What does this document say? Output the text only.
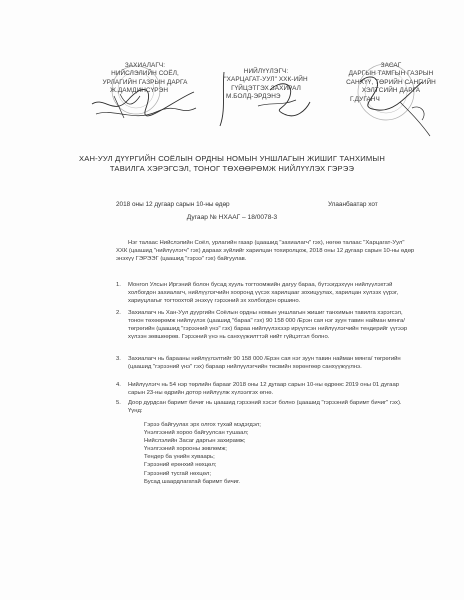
ЗАХИАЛАГЧ:
НИЙСЛЭЛИЙН СОЁЛ,
УРЛАГИЙН ГАЗРЫН ДАРГА
Ж.ДАМДИНСҮРЭН
НИЙЛҮҮЛЭГЧ:
"ХАРЦАГАТ-УУЛ" ХХК-ИЙН
ГҮЙЦЭТГЭХ ЗАХИРАЛ
М.БОЛД-ЭРДЭНЭ
ЗАСАГ
ДАРГЫН ТАМГЫН ГАЗРЫН
САНХҮҮ, ТӨРИЙН САНГИЙН
ХЭЛТСИЙН ДАРГА
Г.ДУГАНЧ
ХАН-УУЛ ДҮҮРГИЙН СОЁЛЫН ОРДНЫ НОМЫН УНШЛАГЫН ЖИШИГ ТАНХИМЫН
ТАВИЛГА ХЭРЭГСЭЛ, ТОНОГ ТӨХӨӨРӨМЖ НИЙЛҮҮЛЭХ ГЭРЭЭ
2018 оны 12 дугаар сарын 10-ны өдөр	Улаанбаатар хот
Дугаар № НХААГ – 18/0078-3
Нэг талаас Нийслэлийн Соёл, урлагийн газар (цаашид "захиалагч" гэх), нөгөө талаас "Харцагат-Уул" ХХК (цаашид "нийлүүлэгч" гэх) дараах зүйлийг харилцан тохиролцож, 2018 оны 12 дугаар сарын 10-ны өдөр энэхүү ГЭРЭЭГ (цаашид "гэрээ" гэх) байгуулав.
1.	Монгол Улсын Иргэний болон бусад хууль тогтоомжийн дагуу бараа, бүтээгдэхүүн нийлүүлэхтэй холбогдон захиалагч, нийлүүлэгчийн хооронд үүсэх харилцааг зохицуулах, харилцан хүлээх үүрэг, хариуцлагыг тогтоохтой энэхүү гэрээний эх холбогдон оршино.
2.	Захиалагч нь Хан-Уул дүүргийн Соёлын ордны номын уншлагын жишиг танхимын тавилга хэрэгсэл, тонон төхөөрөмж нийлүүлэх (цаашид "бараа" гэх) 90 158 000 /Ерэн сая нэг зуун тавин найман мянга/ төгрөгийн (цаашид "гэрээний үнэ" гэх) бараа нийлүүлэхээр ирүүлсэн нийлүүлэгчийн тендерийг үүгээр хүлээн зөвшөөрөв. Гэрээний үнэ нь санхүүжилттэй нийт гүйцэтгэл болно.
3.	Захиалагч нь барааны нийлүүлэлтийг 90 158 000 /Ерэн сая нэг зуун тавин найман мянга/ төгрөгийн (цаашид "гэрээний үнэ" гэх) бараар нийлүүлэгчийн төсвийн хөрөнгөөр санхүүжүүлнэ.
4.	Нийлүүлэгч нь 54 нэр төрлийн барааг 2018 оны 12 дугаар сарын 10-ны өдрөөс 2019 оны 01 дугаар сарын 23-ны өдрийн дотор нийлүүлж хүлээлгэх өгнө.
5.	Доор дурдсан баримт бичиг нь цаашид гэрээний хэсэг болно (цаашид "гэрээний баримт бичиг" гэх). Үүнд:
Гэрээ байгуулах эрх олгох тухай мэдэгдэл;
Үнэлгээний хороо байгуулсан тушаал;
Нийслэлийн Засаг даргын захирамж;
Үнэлгээний хорооны зөвлөмж;
Тендер ба үнийн хуваарь;
Гэрээний ерөнхий нөхцөл;
Гэрээний тусгай нөхцөл;
Бусад шаардлагатай баримт бичиг.
